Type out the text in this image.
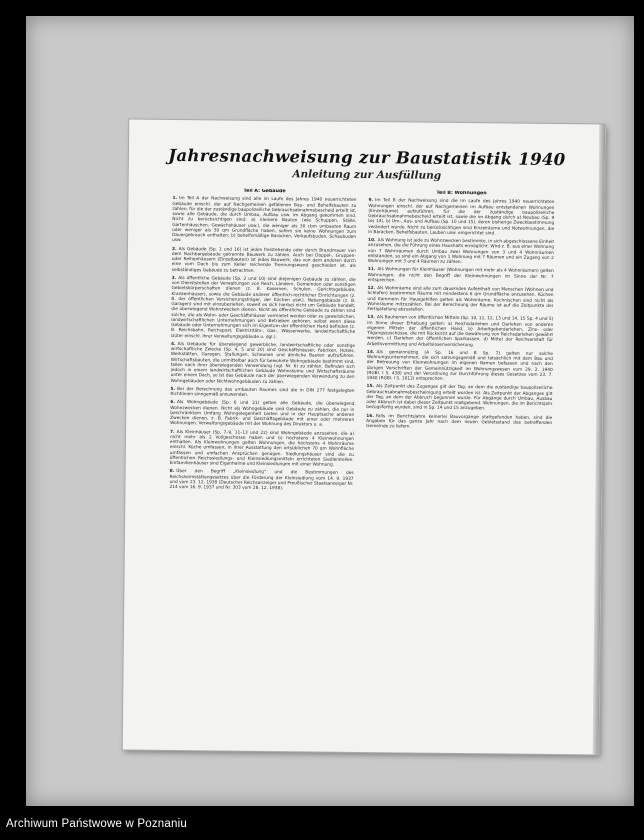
Jahresnachweisung zur Baustatistik 1940
Anleitung zur Ausfüllung
Teil A: Gebäude

1. Im Teil A der Nachweisung sind alle im Laufe des Jahres 1940 neuerrichteten Gebäude einschl. der auf Nachgemeinen gefallenen Bau- und Behelfsbauten zu zählen, für die der zuständige baupolizeiliche Gebrauchsabnahmebescheid erteilt ist, sowie alle Gebäude, die durch Umbau, Aufbau usw. im Abgang gekommen sind. Nicht zu berücksichtigen sind: a) kleinere Bauten (wie Schuppen, Ställe, Gartenhäuschen, Gewächshäuser usw.), die weniger als 30 cbm umbauten Raum oder weniger als 30 qm Grundfläche haben, sofern sie keine Wohnungen zum Dauergebrauch enthalten; b) behelfsmäßige Baracken, Verkaufsbuden, Schaubuden usw.

2. Als Gebäude (Sp. 1 und 16) ist jedes freistehende oder durch Brandmauer von dem Nachbargebäude getrennte Bauwerk zu zählen. Auch bei Doppel-, Gruppen- oder Reihenhäusern (Einzelbauten) ist jedes Bauwerk, das von dem anderen durch eine vom Dach bis zum Keller reichende Trennungswand geschieden ist, als selbständiges Gebäude zu betrachten.

3. Als öffentliche Gebäude (Sp. 2 und 10) sind diejenigen Gebäude zu zählen, die von Dienststellen der Verwaltungen von Reich, Ländern, Gemeinden oder sonstigen Gebietskörperschaften dienen (z. B. Kasernen, Schulen, Gerichtsgebäude, Krankenhäuser), sowie die Gebäude anderer öffentlich-rechtlicher Einrichtungen (z. B. der öffentlichen Versicherungsträger, der Kirchen usw.). Nebengebäude (z. B. Garagen) sind mit einzubeziehen, soweit es sich hierbei nicht um Gebäude handelt, die überwiegend Wohnzwecken dienen. Nicht als öffentliche Gebäude zu zählen sind solche, die als Wohn- oder Geschäftshäuser vermietet werden oder zu gewerblichen, landwirtschaftlichen Unternehmungen und Betrieben gehören, selbst wenn diese Gebäude oder Unternehmungen sich im Eigentum der öffentlichen Hand befinden (z. B. Reichsbahn, Reichspost, Elektrizitäts-, Gas-, Wasserwerke, landwirtschaftliche Güter einschl. ihrer Verwaltungsgebäude u. dgl.).

4. Als Gebäude für überwiegend gewerbliche, landwirtschaftliche oder sonstige wirtschaftliche Zwecke (Sp. 4, 5 und 20) sind Geschäftshäuser, Fabriken, Hotels, Werkstätten, Garagen, Stallungen, Scheunen und ähnliche Bauten aufzuführen. Wirtschaftsbauten, die unmittelbar auch für bewohnte Wohngebäude bestimmt sind, fallen nach ihrer überwiegenden Verwendung (vgl. Nr. 6) zu zählen. Befinden sich jedoch in einem landwirtschaftlichen Gebäude Wohnräume und Wirtschaftsräume unter einem Dach, so ist das Gebäude nach der überwiegenden Verwendung zu den Wohngebäuden oder Nichtwohngebäuden zu zählen.

5. Bei der Berechnung des umbauten Raumes sind die in DIN 277 festgelegten Richtlinien sinngemäß anzuwenden.

6. Als Wohngebäude (Sp. 6 und 21) gelten alle Gebäude, die überwiegend Wohnzwecken dienen. Nicht als Wohngebäude sind Gebäude zu zählen, die nur in beschränktem Umfang Wohngelegenheit bieten und in der Hauptsache anderen Zwecken dienen, z. B. Fabrik- und Geschäftsgebäude mit einer oder mehreren Wohnungen, Verwaltungsgebäude mit der Wohnung des Direktors u. a.

7. Als Kleinhäuser (Sp. 7–9, 11–13 und 22) sind Wohngebäude anzusehen, die a) nicht mehr als 2 Vollgeschosse haben und b) höchstens 4 Kleinwohnungen enthalten. Als Kleinwohnungen gelten Wohnungen, die höchstens 4 Wohnräume einschl. Küche umfassen, in ihrer Ausstattung den ortsüblichen 70 qm Wohnfläche umfassen und einfachen Ansprüchen genügen. Siedlungshäuser sind die zu öffentlichen Reichssiedlungs- und Kleinsiedlungsmitteln errichteten Siedlerstellen. Einfamilienhäuser sind Eigenheime und Kleinsiedlungen mit einer Wohnung.

8. Über den Begriff „Kleinsiedlung“ und die Bestimmungen des Reichsheimstättengesetzes über die Förderung der Kleinsiedlung vom 14. 9. 1937 und vom 23. 12. 1938 (Deutscher Reichsanzeiger und Preußischer Staatsanzeiger Nr. 214 vom 16. 9. 1937 und Nr. 303 vom 28. 12. 1938).

Teil B: Wohnungen

9. Im Teil B der Nachweisung sind die im Laufe des Jahres 1940 neuerrichteten Wohnungen einschl. der auf Nachgemeinen im Aufbau entstandenen Wohnungen (Einzelräume) aufzuführen, für die der zuständige baupolizeiliche Gebrauchsabnahmebescheid erteilt ist, sowie die im Abgang durch a) Neubau (Sp. 9 bis 14), b) Um-, Aus- und Aufbau (Sp. 10 und 15), deren bisherige Zweckbestimmung verändert wurde. Nicht zu berücksichtigen sind Einzelräume und Notwohnungen, die in Baracken, Behelfsbauten, Lauben usw. eingerichtet sind.

10. Als Wohnung ist jede zu Wohnzwecken bestimmte, in sich abgeschlossene Einheit anzusehen, die die Führung eines Haushalts ermöglicht. Wird z. B. aus einer Wohnung von 7 Wohnräumen durch Umbau zwei Wohnungen von 3 und 4 Wohnräumen entstanden, so sind ein Abgang von 1 Wohnung mit 7 Räumen und ein Zugang von 2 Wohnungen mit 3 und 4 Räumen zu zählen.

11. Als Wohnungen für Kleinhäuser (Wohnungen mit mehr als 4 Wohnräumen) gelten Wohnungen, die nicht den Begriff der Kleinwohnungen im Sinne der Nr. 7 entsprechen.

12. Als Wohnräume sind alle zum dauernden Aufenthalt von Menschen (Wohnen und Schlafen) bestimmten Räume mit mindestens 6 qm Grundfläche anzusehen. Küchen und Kammern für Hausgehilfen gelten als Wohnräume, Kochnischen sind nicht als Wohnräume mitzuzählen. Bei der Berechnung der Räume ist auf die Zeitpunkte der Fertigstellung abzustellen.

13. Als Bauherren von öffentlichen Mitteln (Sp. 10, 11, 12, 13 und 14, 15 Sp. 4 und 5) im Sinne dieser Erhebung gelten: a) Reichsdarlehen und Darlehen von anderen eigenen Mitteln der öffentlichen Hand, b) Arbeitgeberdarlehen, Zins- oder Tilgungszuschüsse, die mit Rücksicht auf die Gewährung von Reichsdarlehen gewährt werden, c) Darlehen der öffentlichen Sparkassen, d) Mittel der Reichsanstalt für Arbeitsvermittlung und Arbeitslosenversicherung.

14. Als gemeinnützig (A Sp. 16 und B Sp. 7) gelten nur solche Wohnungsunternehmen, die sich satzungsgemäß und tatsächlich mit dem Bau und der Betreuung von Kleinwohnungen im eigenen Namen befassen und nach den übrigen Vorschriften der Gemeinnützigkeit im Wohnungswesen vom 29. 2. 1940 (RGBl. I S. 438) und der Verordnung zur Durchführung dieses Gesetzes vom 23. 7. 1940 (RGBl. I S. 1012) entsprechen.

15. Als Zeitpunkt des Zuganges gilt der Tag, an dem die zuständige baupolizeiliche Gebrauchsabnahmebescheinigung erteilt worden ist. Als Zeitpunkt der Abganges gilt der Tag, an dem der Abbruch begonnen wurde. Für Abgänge durch Umbau, Ausbau oder Abbruch ist dabei dieser Zeitpunkt maßgebend. Wohnungen, die im Berichtsjahr bezugsfertig wurden, sind in Sp. 14 und 15 anzugeben.

16. Falls im Berichtsjahre keinerlei Bauvorgänge stattgefunden haben, sind die Angaben für das ganze Jahr nach dem neuen Gebietsstand des betreffenden Gemeinde zu liefern.

Archiwum Państwowe w Poznaniu
